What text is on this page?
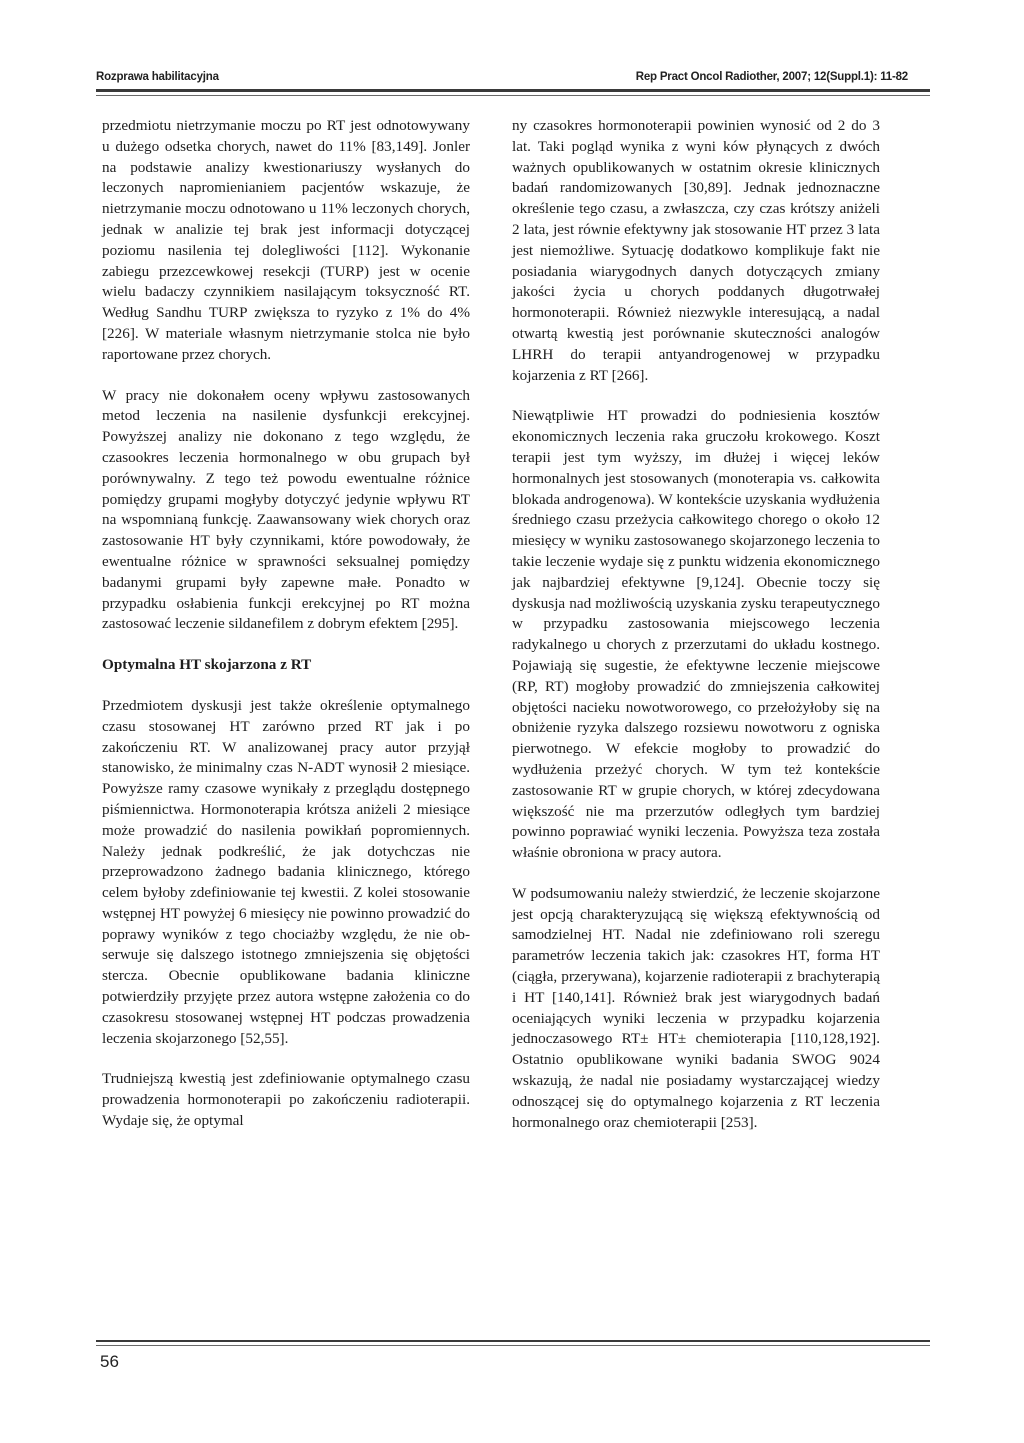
Rozprawa habilitacyjna	Rep Pract Oncol Radiother, 2007; 12(Suppl.1): 11-82

przedmiotu nietrzymanie moczu po RT jest odnotowywany u dużego odsetka chorych, nawet do 11% [83,149]. Jonler na podstawie analizy kwestionariuszy wysłanych do leczonych napromienianiem pacjentów wskazuje, że nietrzymanie moczu odnotowano u 11% leczonych chorych, jednak w analizie tej brak jest informacji dotyczącej poziomu nasilenia tej dolegliwości [112]. Wykonanie zabiegu przezcewkowej resekcji (TURP) jest w ocenie wielu badaczy czynnikiem nasilającym toksyczność RT. Według Sandhu TURP zwiększa to ryzyko z 1% do 4% [226]. W materiale własnym nietrzymanie stolca nie było raportowane przez chorych.

W pracy nie dokonałem oceny wpływu zastosowanych metod leczenia na nasilenie dysfunkcji erekcyjnej. Powyższej analizy nie dokonano z tego względu, że czasookres leczenia hormonalnego w obu grupach był porównywalny. Z tego też powodu ewentualne różnice pomiędzy grupami mogłyby dotyczyć jedynie wpływu RT na wspomnianą funkcję. Zaawansowany wiek chorych oraz zastosowanie HT były czynnikami, które powodowały, że ewentualne różnice w sprawności seksualnej pomiędzy badanymi grupami były zapewne małe. Ponadto w przypadku osłabienia funkcji erekcyjnej po RT można zastosować leczenie sildanefilem z dobrym efektem [295].

Optymalna HT skojarzona z RT

Przedmiotem dyskusji jest także określenie optymalnego czasu stosowanej HT zarówno przed RT jak i po zakończeniu RT. W analizowanej pracy autor przyjął stanowisko, że minimalny czas N-ADT wynosił 2 miesiące. Powyższe ramy czasowe wynikały z przeglądu dostępnego piśmiennictwa. Hormonoterapia krótsza aniżeli 2 miesiące może prowadzić do nasilenia powikłań popromiennych. Należy jednak podkreślić, że jak dotychczas nie przeprowadzono żadnego badania klinicznego, którego celem byłoby zdefiniowanie tej kwestii. Z kolei stosowanie wstępnej HT powyżej 6 miesięcy nie powinno prowadzić do poprawy wyników z tego chociażby względu, że nie obserwuje się dalszego istotnego zmniejszenia się objętości stercza. Obecnie opublikowane badania kliniczne potwierdziły przyjęte przez autora wstępne założenia co do czasokresu stosowanej wstępnej HT podczas prowadzenia leczenia skojarzonego [52,55].

Trudniejszą kwestią jest zdefiniowanie optymalnego czasu prowadzenia hormonoterapii po zakończeniu radioterapii. Wydaje się, że optymal

ny czasokres hormonoterapii powinien wynosić od 2 do 3 lat. Taki pogląd wynika z wyni ków płynących z dwóch ważnych opublikowanych w ostatnim okresie klinicznych badań randomizowanych [30,89]. Jednak jednoznaczne określenie tego czasu, a zwłaszcza, czy czas krótszy aniżeli 2 lata, jest równie efektywny jak stosowanie HT przez 3 lata jest niemożliwe. Sytuację dodatkowo komplikuje fakt nie posiadania wiarygodnych danych dotyczących zmiany jakości życia u chorych poddanych długotrwałej hormonoterapii. Również niezwykle interesującą, a nadal otwartą kwestią jest porównanie skuteczności analogów LHRH do terapii antyandrogenowej w przypadku kojarzenia z RT [266].

Niewątpliwie HT prowadzi do podniesienia kosztów ekonomicznych leczenia raka gruczołu krokowego. Koszt terapii jest tym wyższy, im dłużej i więcej leków hormonalnych jest stosowanych (monoterapia vs. całkowita blokada androgenowa). W kontekście uzyskania wydłużenia średniego czasu przeżycia całkowitego chorego o około 12 miesięcy w wyniku zastosowanego skojarzonego leczenia to takie leczenie wydaje się z punktu widzenia ekonomicznego jak najbardziej efektywne [9,124]. Obecnie toczy się dyskusja nad możliwością uzyskania zysku terapeutycznego w przypadku zastosowania miejscowego leczenia radykalnego u chorych z przerzutami do układu kostnego. Pojawiają się sugestie, że efektywne leczenie miejscowe (RP, RT) mogłoby prowadzić do zmniejszenia całkowitej objętości nacieku nowotworowego, co przełożyłoby się na obniżenie ryzyka dalszego rozsiewu nowotworu z ogniska pierwotnego. W efekcie mogłoby to prowadzić do wydłużenia przeżyć chorych. W tym też kontekście zastosowanie RT w grupie chorych, w której zdecydowana większość nie ma przerzutów odległych tym bardziej powinno poprawiać wyniki leczenia. Powyższa teza została właśnie obroniona w pracy autora.

W podsumowaniu należy stwierdzić, że leczenie skojarzone jest opcją charakteryzującą się większą efektywnością od samodzielnej HT. Nadal nie zdefiniowano roli szeregu parametrów leczenia takich jak: czasokres HT, forma HT (ciągła, przerywana), kojarzenie radioterapii z brachyterapią i HT [140,141]. Również brak jest wiarygodnych badań oceniających wyniki leczenia w przypadku kojarzenia jednoczasowego RT± HT± chemioterapia [110,128,192]. Ostatnio opublikowane wyniki badania SWOG 9024 wskazują, że nadal nie posiadamy wystarczającej wiedzy odnoszącej się do optymalnego kojarzenia z RT leczenia hormonalnego oraz chemioterapii [253].

56
